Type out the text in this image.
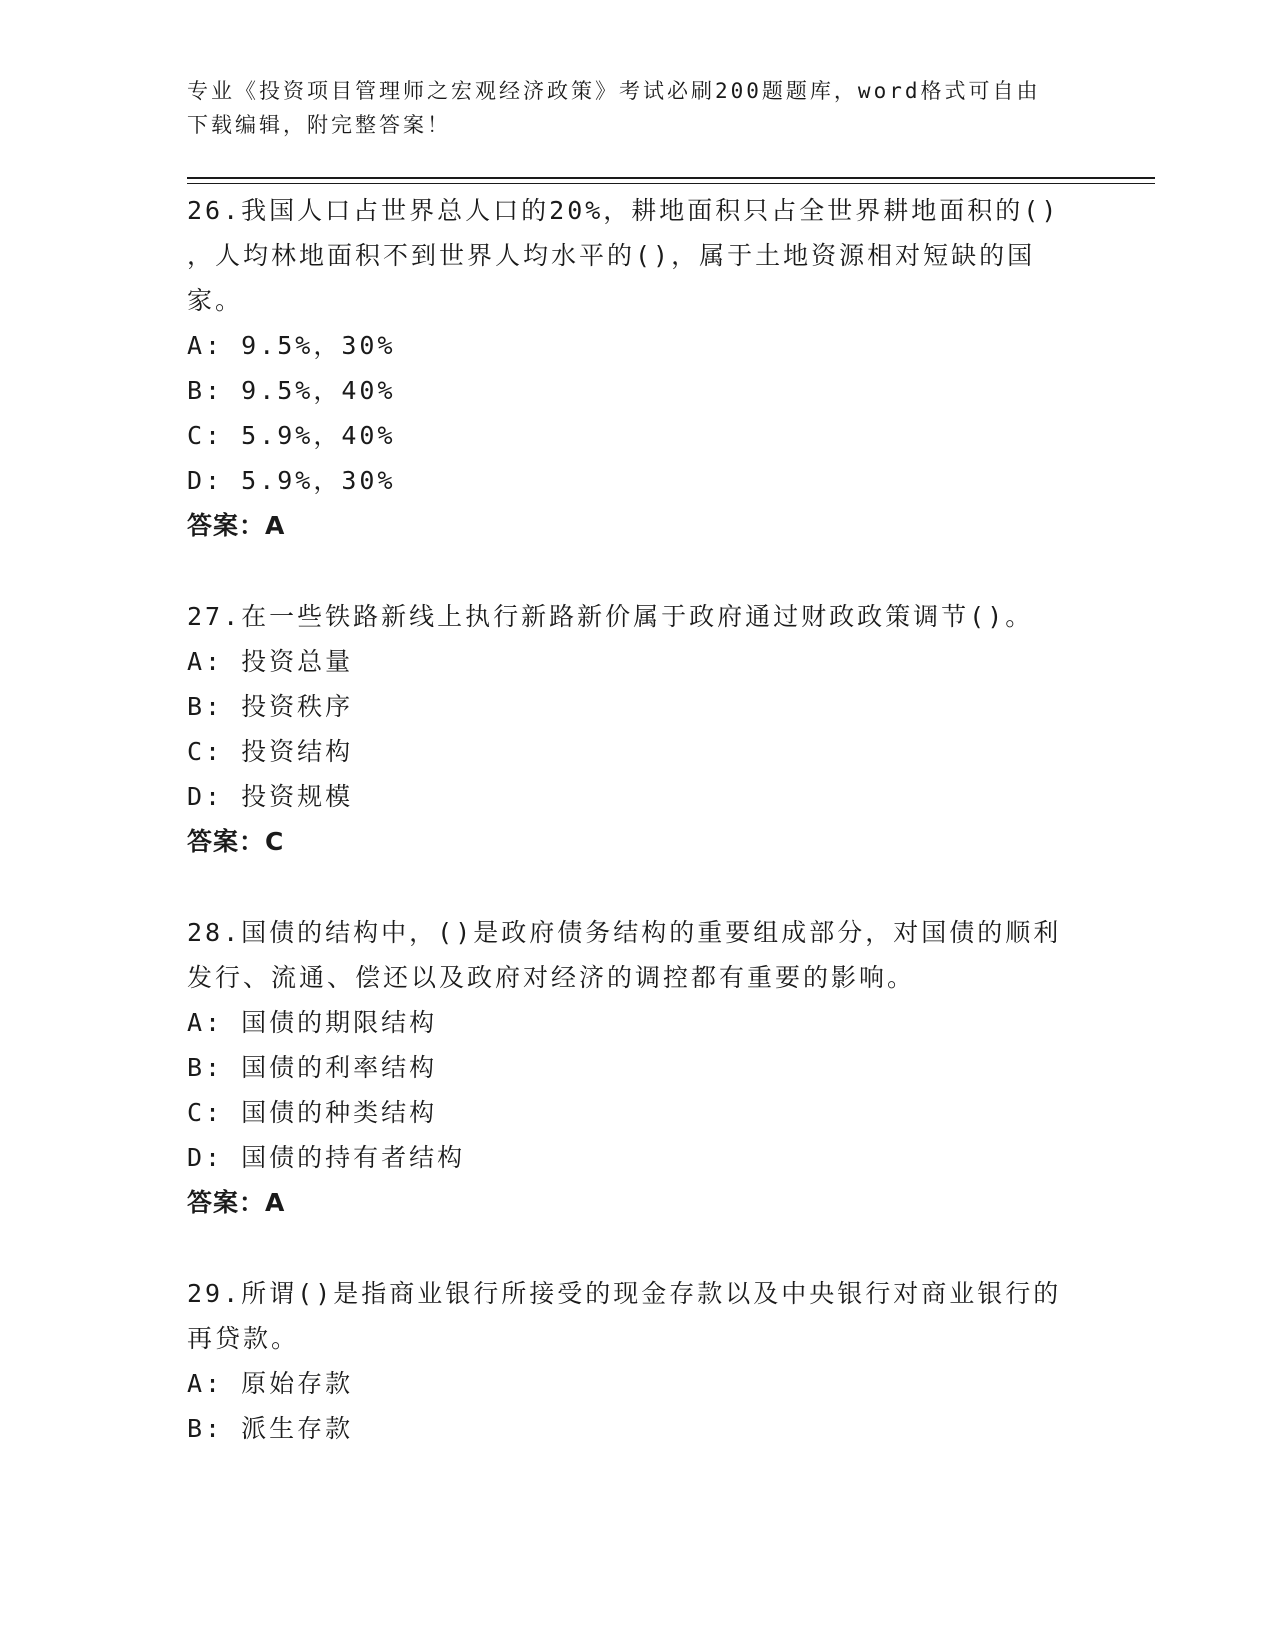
专业《投资项目管理师之宏观经济政策》考试必刷200题题库，word格式可自由
下载编辑，附完整答案！

26.我国人口占世界总人口的20%，耕地面积只占全世界耕地面积的()

，人均林地面积不到世界人均水平的()，属于土地资源相对短缺的国

家。

A: 9.5%，30%

B: 9.5%，40%

C: 5.9%，40%

D: 5.9%，30%

答案：A

27.在一些铁路新线上执行新路新价属于政府通过财政政策调节()。

A: 投资总量

B: 投资秩序

C: 投资结构

D: 投资规模

答案：C

28.国债的结构中，()是政府债务结构的重要组成部分，对国债的顺利

发行、流通、偿还以及政府对经济的调控都有重要的影响。

A: 国债的期限结构

B: 国债的利率结构

C: 国债的种类结构

D: 国债的持有者结构

答案：A

29.所谓()是指商业银行所接受的现金存款以及中央银行对商业银行的

再贷款。

A: 原始存款

B: 派生存款
